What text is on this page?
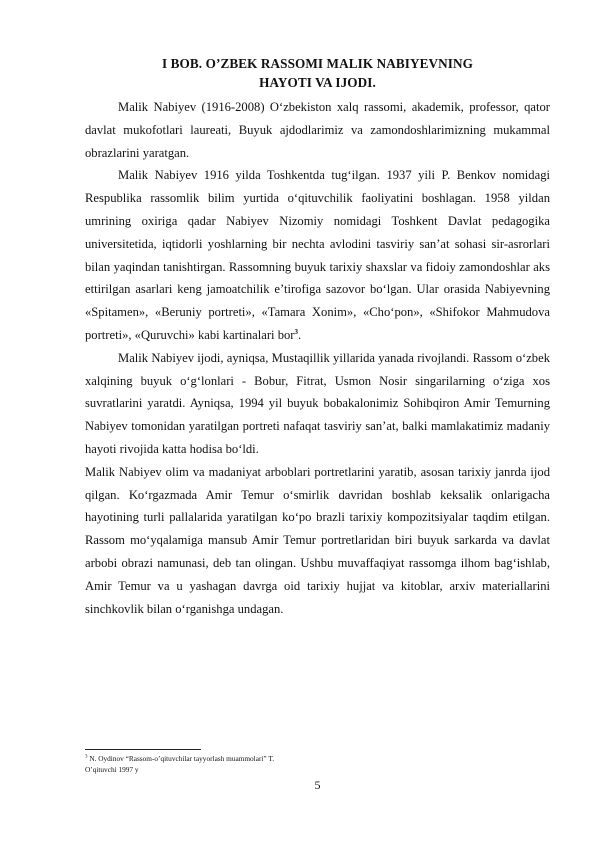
I BOB. O’ZBEK RASSOMI MALIK NABIYEVNING
HAYOTI VA IJODI.

Malik Nabiyev (1916-2008) O‘zbekiston xalq rassomi, akademik, professor, qator davlat mukofotlari laureati, Buyuk ajdodlarimiz va zamondoshlarimizning mukammal obrazlarini yaratgan.

Malik Nabiyev 1916 yilda Toshkentda tug‘ilgan. 1937 yili P. Benkov nomidagi Respublika rassomlik bilim yurtida o‘qituvchilik faoliyatini boshlagan. 1958 yildan umrining oxiriga qadar Nabiyev Nizomiy nomidagi Toshkent Davlat pedagogika universitetida, iqtidorli yoshlarning bir nechta avlodini tasviriy san’at sohasi sir-asrorlari bilan yaqindan tanishtirgan. Rassomning buyuk tarixiy shaxslar va fidoiy zamondoshlar aks ettirilgan asarlari keng jamoatchilik e’tirofiga sazovor bo‘lgan. Ular orasida Nabiyevning «Spitamen», «Beruniy portreti», «Tamara Xonim», «Cho‘pon», «Shifokor Mahmudova portreti», «Quruvchi» kabi kartinalari bor$^3$.

Malik Nabiyev ijodi, ayniqsa, Mustaqillik yillarida yanada rivojlandi. Rassom o‘zbek xalqining buyuk o‘g‘lonlari - Bobur, Fitrat, Usmon Nosir singarilarning o‘ziga xos suvratlarini yaratdi. Ayniqsa, 1994 yil buyuk bobakalonimiz Sohibqiron Amir Temurning Nabiyev tomonidan yaratilgan portreti nafaqat tasviriy san’at, balki mamlakatimiz madaniy hayoti rivojida katta hodisa bo‘ldi.

Malik Nabiyev olim va madaniyat arboblari portretlarini yaratib, asosan tarixiy janrda ijod qilgan. Ko‘rgazmada Amir Temur o‘smirlik davridan boshlab keksalik onlarigacha hayotining turli pallalarida yaratilgan ko‘po brazli tarixiy kompozitsiyalar taqdim etilgan. Rassom mo‘yqalamiga mansub Amir Temur portretlaridan biri buyuk sarkarda va davlat arbobi obrazi namunasi, deb tan olingan. Ushbu muvaffaqiyat rassomga ilhom bag‘ishlab, Amir Temur va u yashagan davrga oid tarixiy hujjat va kitoblar, arxiv materiallarini sinchkovlik bilan o‘rganishga undagan.

$^3$ N. Oydinov “Rassom-o’qituvchilar tayyorlash muammolari” T.
O’qituvchi 1997 y
5
